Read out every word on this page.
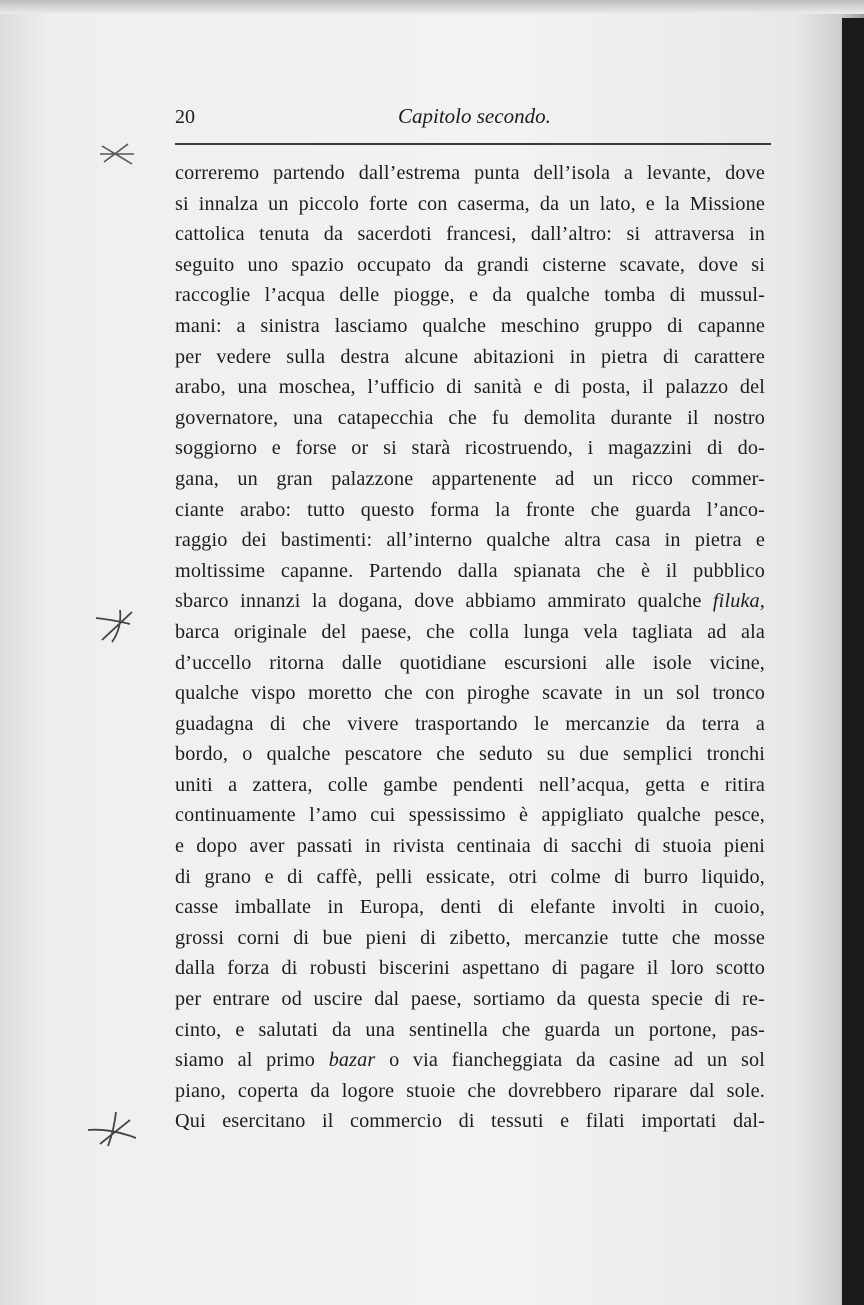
20	Capitolo secondo.
correremo partendo dall’estrema punta dell’isola a levante, dove
si innalza un piccolo forte con caserma, da un lato, e la Missione
cattolica tenuta da sacerdoti francesi, dall’altro: si attraversa in
seguito uno spazio occupato da grandi cisterne scavate, dove si
raccoglie l’acqua delle piogge, e da qualche tomba di mussul-
mani: a sinistra lasciamo qualche meschino gruppo di capanne
per vedere sulla destra alcune abitazioni in pietra di carattere
arabo, una moschea, l’ufficio di sanità e di posta, il palazzo del
governatore, una catapecchia che fu demolita durante il nostro
soggiorno e forse or si starà ricostruendo, i magazzini di do-
gana, un gran palazzone appartenente ad un ricco commer-
ciante arabo: tutto questo forma la fronte che guarda l’anco-
raggio dei bastimenti: all’interno qualche altra casa in pietra e
moltissime capanne. Partendo dalla spianata che è il pubblico
sbarco innanzi la dogana, dove abbiamo ammirato qualche filuka,
barca originale del paese, che colla lunga vela tagliata ad ala
d’uccello ritorna dalle quotidiane escursioni alle isole vicine,
qualche vispo moretto che con piroghe scavate in un sol tronco
guadagna di che vivere trasportando le mercanzie da terra a
bordo, o qualche pescatore che seduto su due semplici tronchi
uniti a zattera, colle gambe pendenti nell’acqua, getta e ritira
continuamente l’amo cui spessissimo è appigliato qualche pesce,
e dopo aver passati in rivista centinaia di sacchi di stuoia pieni
di grano e di caffè, pelli essicate, otri colme di burro liquido,
casse imballate in Europa, denti di elefante involti in cuoio,
grossi corni di bue pieni di zibetto, mercanzie tutte che mosse
dalla forza di robusti biscerini aspettano di pagare il loro scotto
per entrare od uscire dal paese, sortiamo da questa specie di re-
cinto, e salutati da una sentinella che guarda un portone, pas-
siamo al primo bazar o via fiancheggiata da casine ad un sol
piano, coperta da logore stuoie che dovrebbero riparare dal sole.
Qui esercitano il commercio di tessuti e filati importati dal-
